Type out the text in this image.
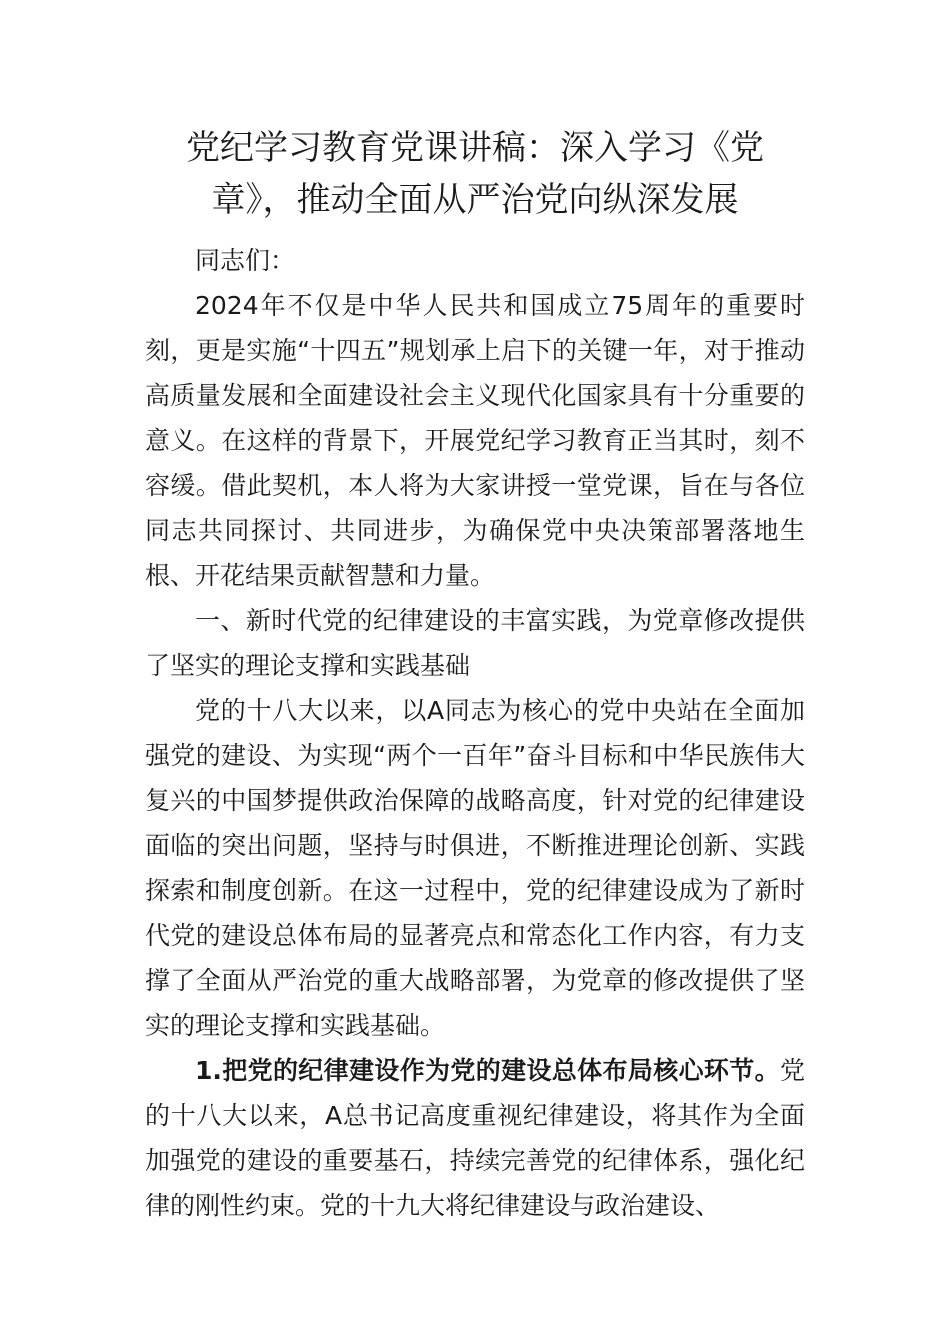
党纪学习教育党课讲稿：深入学习《党章》，推动全面从严治党向纵深发展

同志们：

2024年不仅是中华人民共和国成立75周年的重要时刻，更是实施“十四五”规划承上启下的关键一年，对于推动高质量发展和全面建设社会主义现代化国家具有十分重要的意义。在这样的背景下，开展党纪学习教育正当其时，刻不容缓。借此契机，本人将为大家讲授一堂党课，旨在与各位同志共同探讨、共同进步，为确保党中央决策部署落地生根、开花结果贡献智慧和力量。

一、新时代党的纪律建设的丰富实践，为党章修改提供了坚实的理论支撑和实践基础

党的十八大以来，以A同志为核心的党中央站在全面加强党的建设、为实现“两个一百年”奋斗目标和中华民族伟大复兴的中国梦提供政治保障的战略高度，针对党的纪律建设面临的突出问题，坚持与时俱进，不断推进理论创新、实践探索和制度创新。在这一过程中，党的纪律建设成为了新时代党的建设总体布局的显著亮点和常态化工作内容，有力支撑了全面从严治党的重大战略部署，为党章的修改提供了坚实的理论支撑和实践基础。

1.把党的纪律建设作为党的建设总体布局核心环节。党的十八大以来，A总书记高度重视纪律建设，将其作为全面加强党的建设的重要基石，持续完善党的纪律体系，强化纪律的刚性约束。党的十九大将纪律建设与政治建设、
